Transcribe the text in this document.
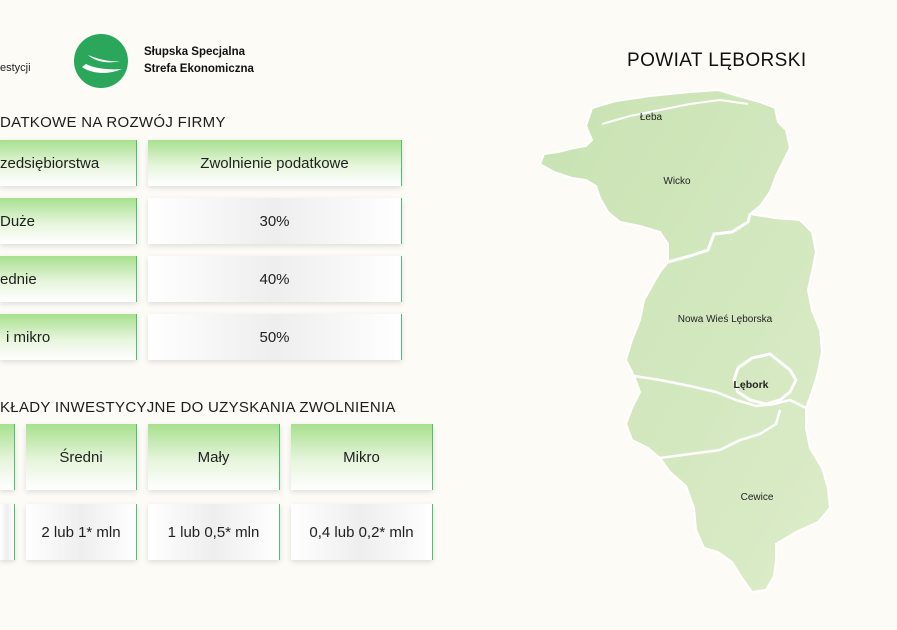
estycji
Słupska Specjalna
Strefa Ekonomiczna
DATKOWE NA ROZWÓJ FIRMY
zedsiębiorstwa	Zwolnienie podatkowe
Duże	30%
ednie	40%
i mikro	50%
KŁADY INWESTYCYJNE DO UZYSKANIA ZWOLNIENIA
Średni	Mały	Mikro
2 lub 1* mln	1 lub 0,5* mln	0,4 lub 0,2* mln
POWIAT LĘBORSKI
Łeba
Wicko
Nowa Wieś Lęborska
Lębork
Cewice
